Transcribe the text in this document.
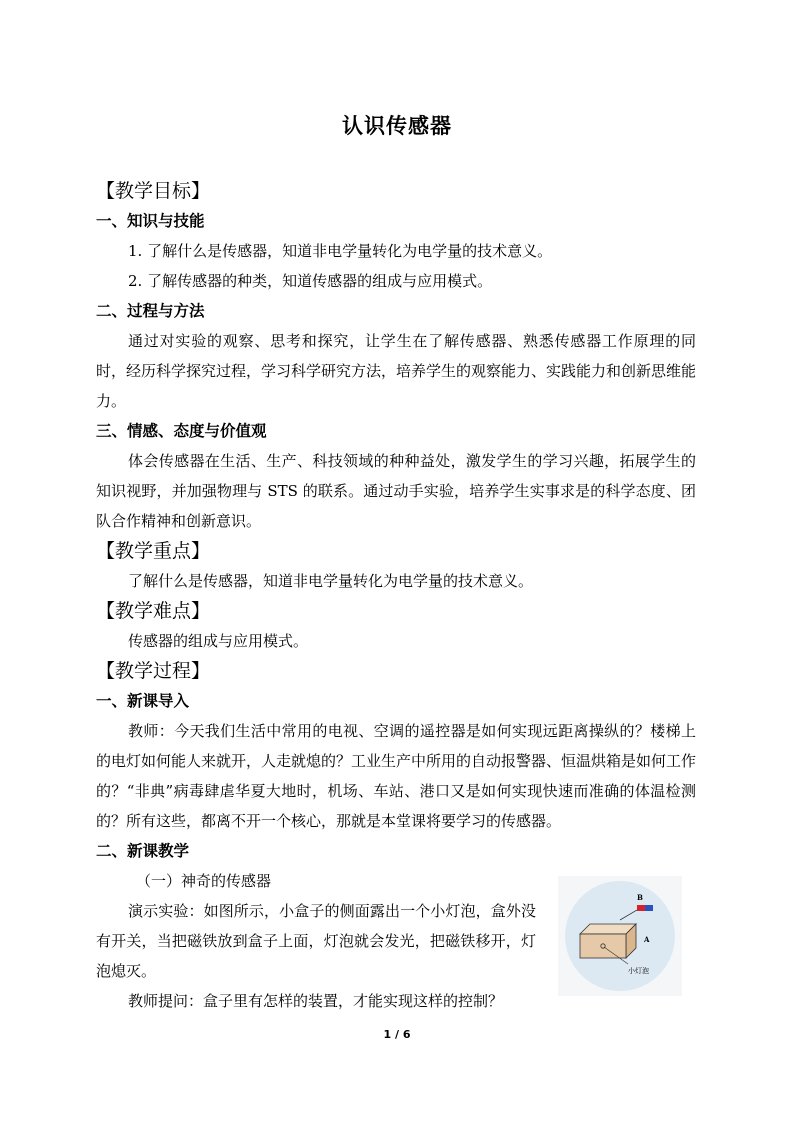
认识传感器
【教学目标】
一、知识与技能
1. 了解什么是传感器，知道非电学量转化为电学量的技术意义。
2. 了解传感器的种类，知道传感器的组成与应用模式。
二、过程与方法
通过对实验的观察、思考和探究，让学生在了解传感器、熟悉传感器工作原理的同时，经历科学探究过程，学习科学研究方法，培养学生的观察能力、实践能力和创新思维能力。
三、情感、态度与价值观
体会传感器在生活、生产、科技领域的种种益处，激发学生的学习兴趣，拓展学生的知识视野，并加强物理与 STS 的联系。通过动手实验，培养学生实事求是的科学态度、团队合作精神和创新意识。
【教学重点】
了解什么是传感器，知道非电学量转化为电学量的技术意义。
【教学难点】
传感器的组成与应用模式。
【教学过程】
一、新课导入
教师：今天我们生活中常用的电视、空调的遥控器是如何实现远距离操纵的？楼梯上的电灯如何能人来就开，人走就熄的？工业生产中所用的自动报警器、恒温烘箱是如何工作的？“非典”病毒肆虐华夏大地时，机场、车站、港口又是如何实现快速而准确的体温检测的？所有这些，都离不开一个核心，那就是本堂课将要学习的传感器。
二、新课教学
（一）神奇的传感器
演示实验：如图所示，小盒子的侧面露出一个小灯泡，盒外没有开关，当把磁铁放到盒子上面，灯泡就会发光，把磁铁移开，灯泡熄灭。
教师提问：盒子里有怎样的装置，才能实现这样的控制？
B
A
小灯泡
1 / 6
